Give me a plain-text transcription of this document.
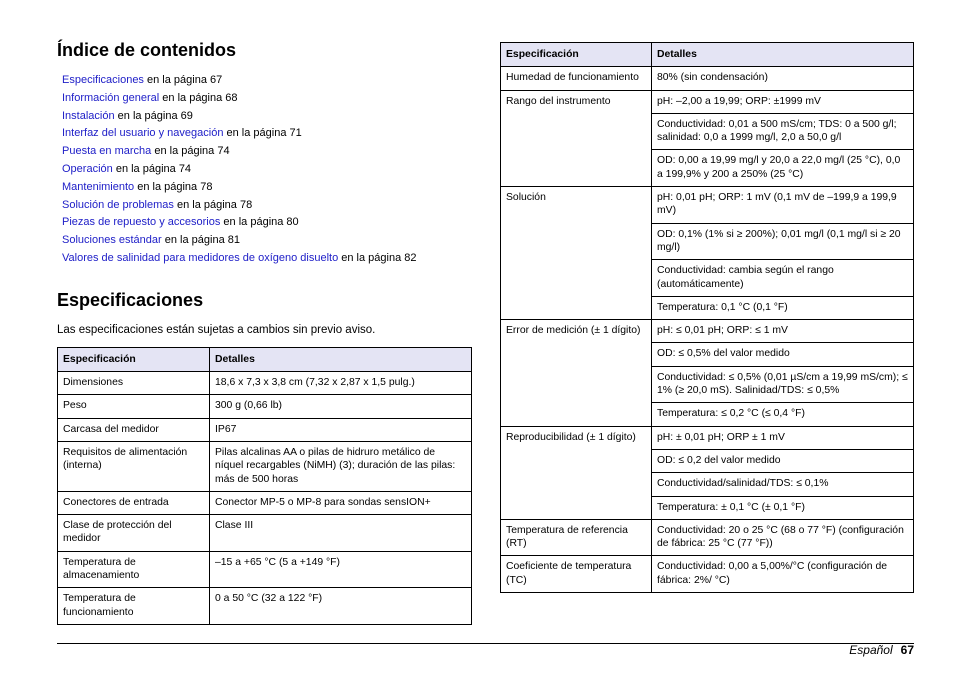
Índice de contenidos
Especificaciones en la página 67
Información general en la página 68
Instalación en la página 69
Interfaz del usuario y navegación en la página 71
Puesta en marcha en la página 74
Operación en la página 74
Mantenimiento en la página 78
Solución de problemas en la página 78
Piezas de repuesto y accesorios en la página 80
Soluciones estándar en la página 81
Valores de salinidad para medidores de oxígeno disuelto en la página 82
Especificaciones

Las especificaciones están sujetas a cambios sin previo aviso.

Especificación	Detalles
Dimensiones	18,6 x 7,3 x 3,8 cm (7,32 x 2,87 x 1,5 pulg.)
Peso	300 g (0,66 lb)
Carcasa del medidor	IP67
Requisitos de alimentación (interna)	Pilas alcalinas AA o pilas de hidruro metálico de níquel recargables (NiMH) (3); duración de las pilas: más de 500 horas
Conectores de entrada	Conector MP-5 o MP-8 para sondas sensION+
Clase de protección del medidor	Clase III
Temperatura de almacenamiento	–15 a +65 °C (5 a +149 °F)
Temperatura de funcionamiento	0 a 50 °C (32 a 122 °F)
Especificación	Detalles
Humedad de funcionamiento	80% (sin condensación)
Rango del instrumento	pH: –2,00 a 19,99; ORP: ±1999 mV
	Conductividad: 0,01 a 500 mS/cm; TDS: 0 a 500 g/l; salinidad: 0,0 a 1999 mg/l, 2,0 a 50,0 g/l
	OD: 0,00 a 19,99 mg/l y 20,0 a 22,0 mg/l (25 °C), 0,0 a 199,9% y 200 a 250% (25 °C)
Solución	pH: 0,01 pH; ORP: 1 mV (0,1 mV de –199,9 a 199,9 mV)
	OD: 0,1% (1% si ≥ 200%); 0,01 mg/l (0,1 mg/l si ≥ 20 mg/l)
	Conductividad: cambia según el rango (automáticamente)
	Temperatura: 0,1 °C (0,1 °F)
Error de medición (± 1 dígito)	pH: ≤ 0,01 pH; ORP: ≤ 1 mV
	OD: ≤ 0,5% del valor medido
	Conductividad: ≤ 0,5% (0,01 µS/cm a 19,99 mS/cm); ≤ 1% (≥ 20,0 mS). Salinidad/TDS: ≤ 0,5%
	Temperatura: ≤ 0,2 °C (≤ 0,4 °F)
Reproducibilidad (± 1 dígito)	pH: ± 0,01 pH; ORP ± 1 mV
	OD: ≤ 0,2 del valor medido
	Conductividad/salinidad/TDS: ≤ 0,1%
	Temperatura: ± 0,1 °C (± 0,1 °F)
Temperatura de referencia (RT)	Conductividad: 20 o 25 °C (68 o 77 °F) (configuración de fábrica: 25 °C (77 °F))
Coeficiente de temperatura (TC)	Conductividad: 0,00 a 5,00%/°C (configuración de fábrica: 2%/ °C)
Español 67
